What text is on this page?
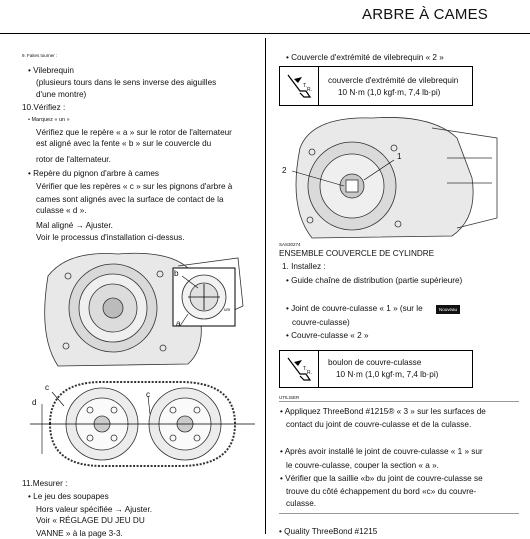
ARBRE À CAMES
9. Faites tourner :
• Vilebrequin
(plusieurs tours dans le sens inverse des aiguilles
d'une montre)
10.Vérifiez :
• Marquez « un »
Vérifiez que le repère « a » sur le rotor de l'alternateur
est aligné avec la fente « b » sur le couvercle du
rotor de l'alternateur.
• Repère du pignon d'arbre à cames
Vérifier que les repères « c » sur les pignons d'arbre à
cames sont alignés avec la surface de contact de la
culasse « d ».
Mal aligné → Ajuster.
Voir le processus d'installation ci-dessus.
b
a
um
c
c
d
11.Mesurer :
• Le jeu des soupapes
Hors valeur spécifiée → Ajuster.
Voir « RÉGLAGE DU JEU DU
VANNE » à la page 3-3.
• Couvercle d'extrémité de vilebrequin « 2 »
T.
R.
couvercle d'extrémité de vilebrequin
10 N·m (1,0 kgf·m, 7,4 lb·pi)
1
2
SAS30274
ENSEMBLE COUVERCLE DE CYLINDRE
1. Installez :
• Guide chaîne de distribution (partie supérieure)
• Joint de couvre-culasse « 1 » (sur le	Nouveau
couvre-culasse)
• Couvre-culasse « 2 »
T.
R.
boulon de couvre-culasse
10 N·m (1,0 kgf·m, 7,4 lb·pi)
UTILISER
• Appliquez ThreeBond #1215® « 3 » sur les surfaces de
contact du joint de couvre-culasse et de la culasse.
• Après avoir installé le joint de couvre-culasse « 1 » sur
le couvre-culasse, couper la section « a ».
• Vérifier que la saillie «b» du joint de couvre-culasse se
trouve du côté échappement du bord «c» du couvre-
culasse.
• Quality ThreeBond #1215
